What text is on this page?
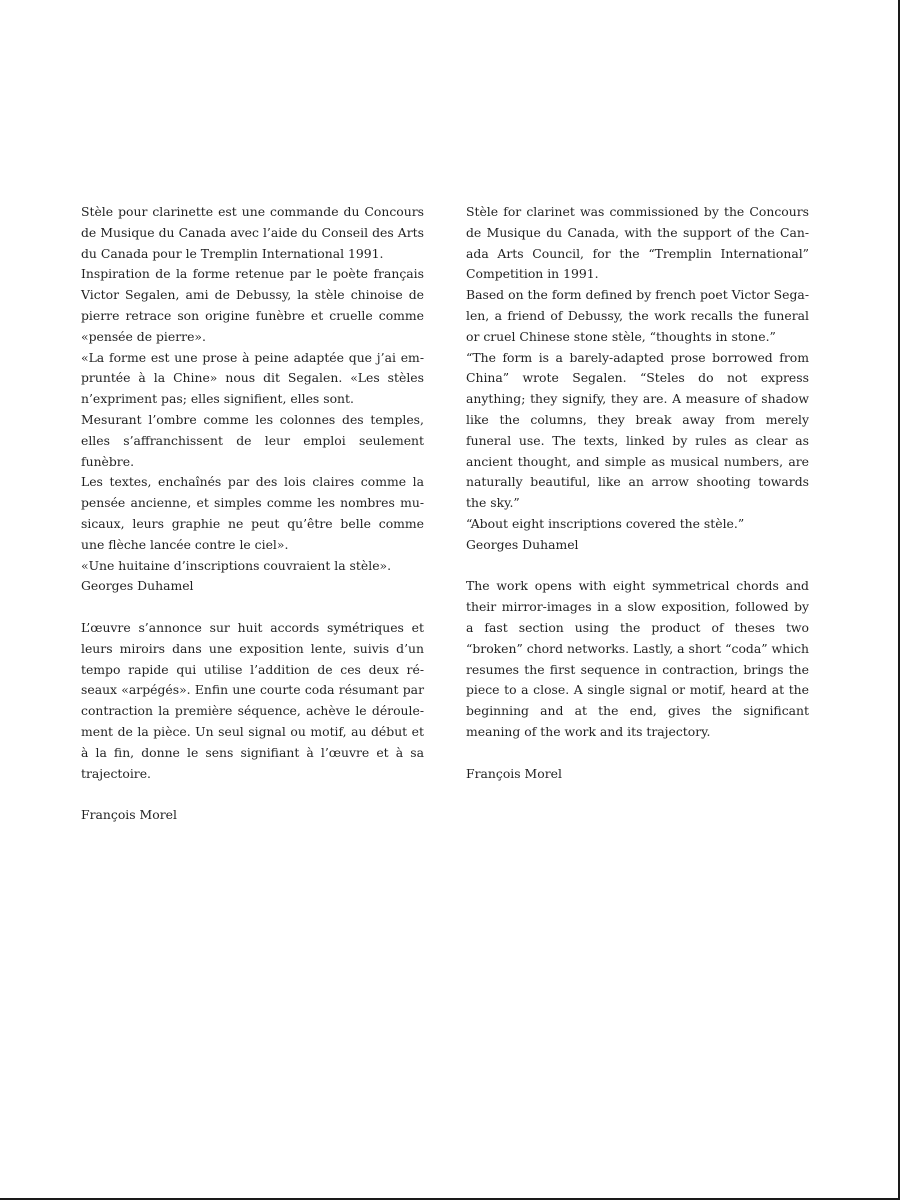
Stèle pour clarinette est une commande du Concours de Musique du Canada avec l’aide du Conseil des Arts du Canada pour le Tremplin International 1991.

Inspiration de la forme retenue par le poète français Victor Segalen, ami de Debussy, la stèle chinoise de pierre retrace son origine funèbre et cruelle comme «pensée de pierre».

«La forme est une prose à peine adaptée que j’ai empruntée à la Chine» nous dit Segalen. «Les stèles n’expriment pas; elles signifient, elles sont.

Mesurant l’ombre comme les colonnes des temples, elles s’affranchissent de leur emploi seulement funèbre.

Les textes, enchaînés par des lois claires comme la pensée ancienne, et simples comme les nombres musicaux, leurs graphie ne peut qu’être belle comme une flèche lancée contre le ciel».

«Une huitaine d’inscriptions couvraient la stèle».

Georges Duhamel

L’œuvre s’annonce sur huit accords symétriques et leurs miroirs dans une exposition lente, suivis d’un tempo rapide qui utilise l’addition de ces deux réseaux «arpégés». Enfin une courte coda résumant par contraction la première séquence, achève le déroulement de la pièce. Un seul signal ou motif, au début et à la fin, donne le sens signifiant à l’œuvre et à sa trajectoire.

François Morel

Stèle for clarinet was commissioned by the Concours de Musique du Canada, with the support of the Canada Arts Council, for the “Tremplin International” Competition in 1991.

Based on the form defined by french poet Victor Segalen, a friend of Debussy, the work recalls the funeral or cruel Chinese stone stèle, “thoughts in stone.”

“The form is a barely-adapted prose borrowed from China” wrote Segalen. “Steles do not express anything; they signify, they are. A measure of shadow like the columns, they break away from merely funeral use. The texts, linked by rules as clear as ancient thought, and simple as musical numbers, are naturally beautiful, like an arrow shooting towards the sky.”

“About eight inscriptions covered the stèle.”

Georges Duhamel

The work opens with eight symmetrical chords and their mirror-images in a slow exposition, followed by a fast section using the product of theses two “broken” chord networks. Lastly, a short “coda” which resumes the first sequence in contraction, brings the piece to a close. A single signal or motif, heard at the beginning and at the end, gives the significant meaning of the work and its trajectory.

François Morel
